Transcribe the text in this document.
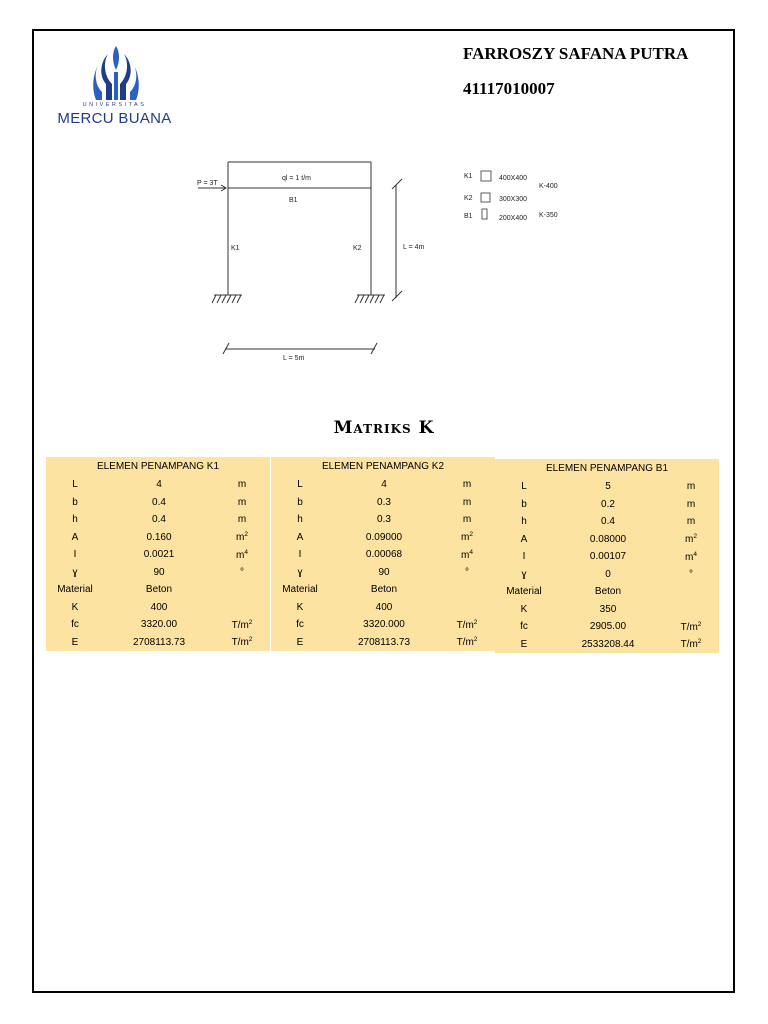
UNIVERSITAS
MERCU BUANA
FARROSZY SAFANA PUTRA
41117010007
ql = 1 t/m
B1
P = 3T
K1	K2	L = 4m
L = 5m
K1	400X400
K2	300X300
B1	200X400
K-400
K-350
Matriks K
ELEMEN PENAMPANG K1		
L	4	m
b	0.4	m
h	0.4	m
A	0.160	$m^2$
I	0.0021	$m^4$
ɣ	90	°
Material	Beton	
K	400	
fc	3320.00	$T/m^2$
E	2708113.73	$T/m^2$
ELEMEN PENAMPANG K2		
L	4	m
b	0.3	m
h	0.3	m
A	0.09000	$m^2$
I	0.00068	$m^4$
ɣ	90	°
Material	Beton	
K	400	
fc	3320.000	$T/m^2$
E	2708113.73	$T/m^2$
ELEMEN PENAMPANG B1		
L	5	m
b	0.2	m
h	0.4	m
A	0.08000	$m^2$
I	0.00107	$m^4$
ɣ	0	°
Material	Beton	
K	350	
fc	2905.00	$T/m^2$
E	2533208.44	$T/m^2$
